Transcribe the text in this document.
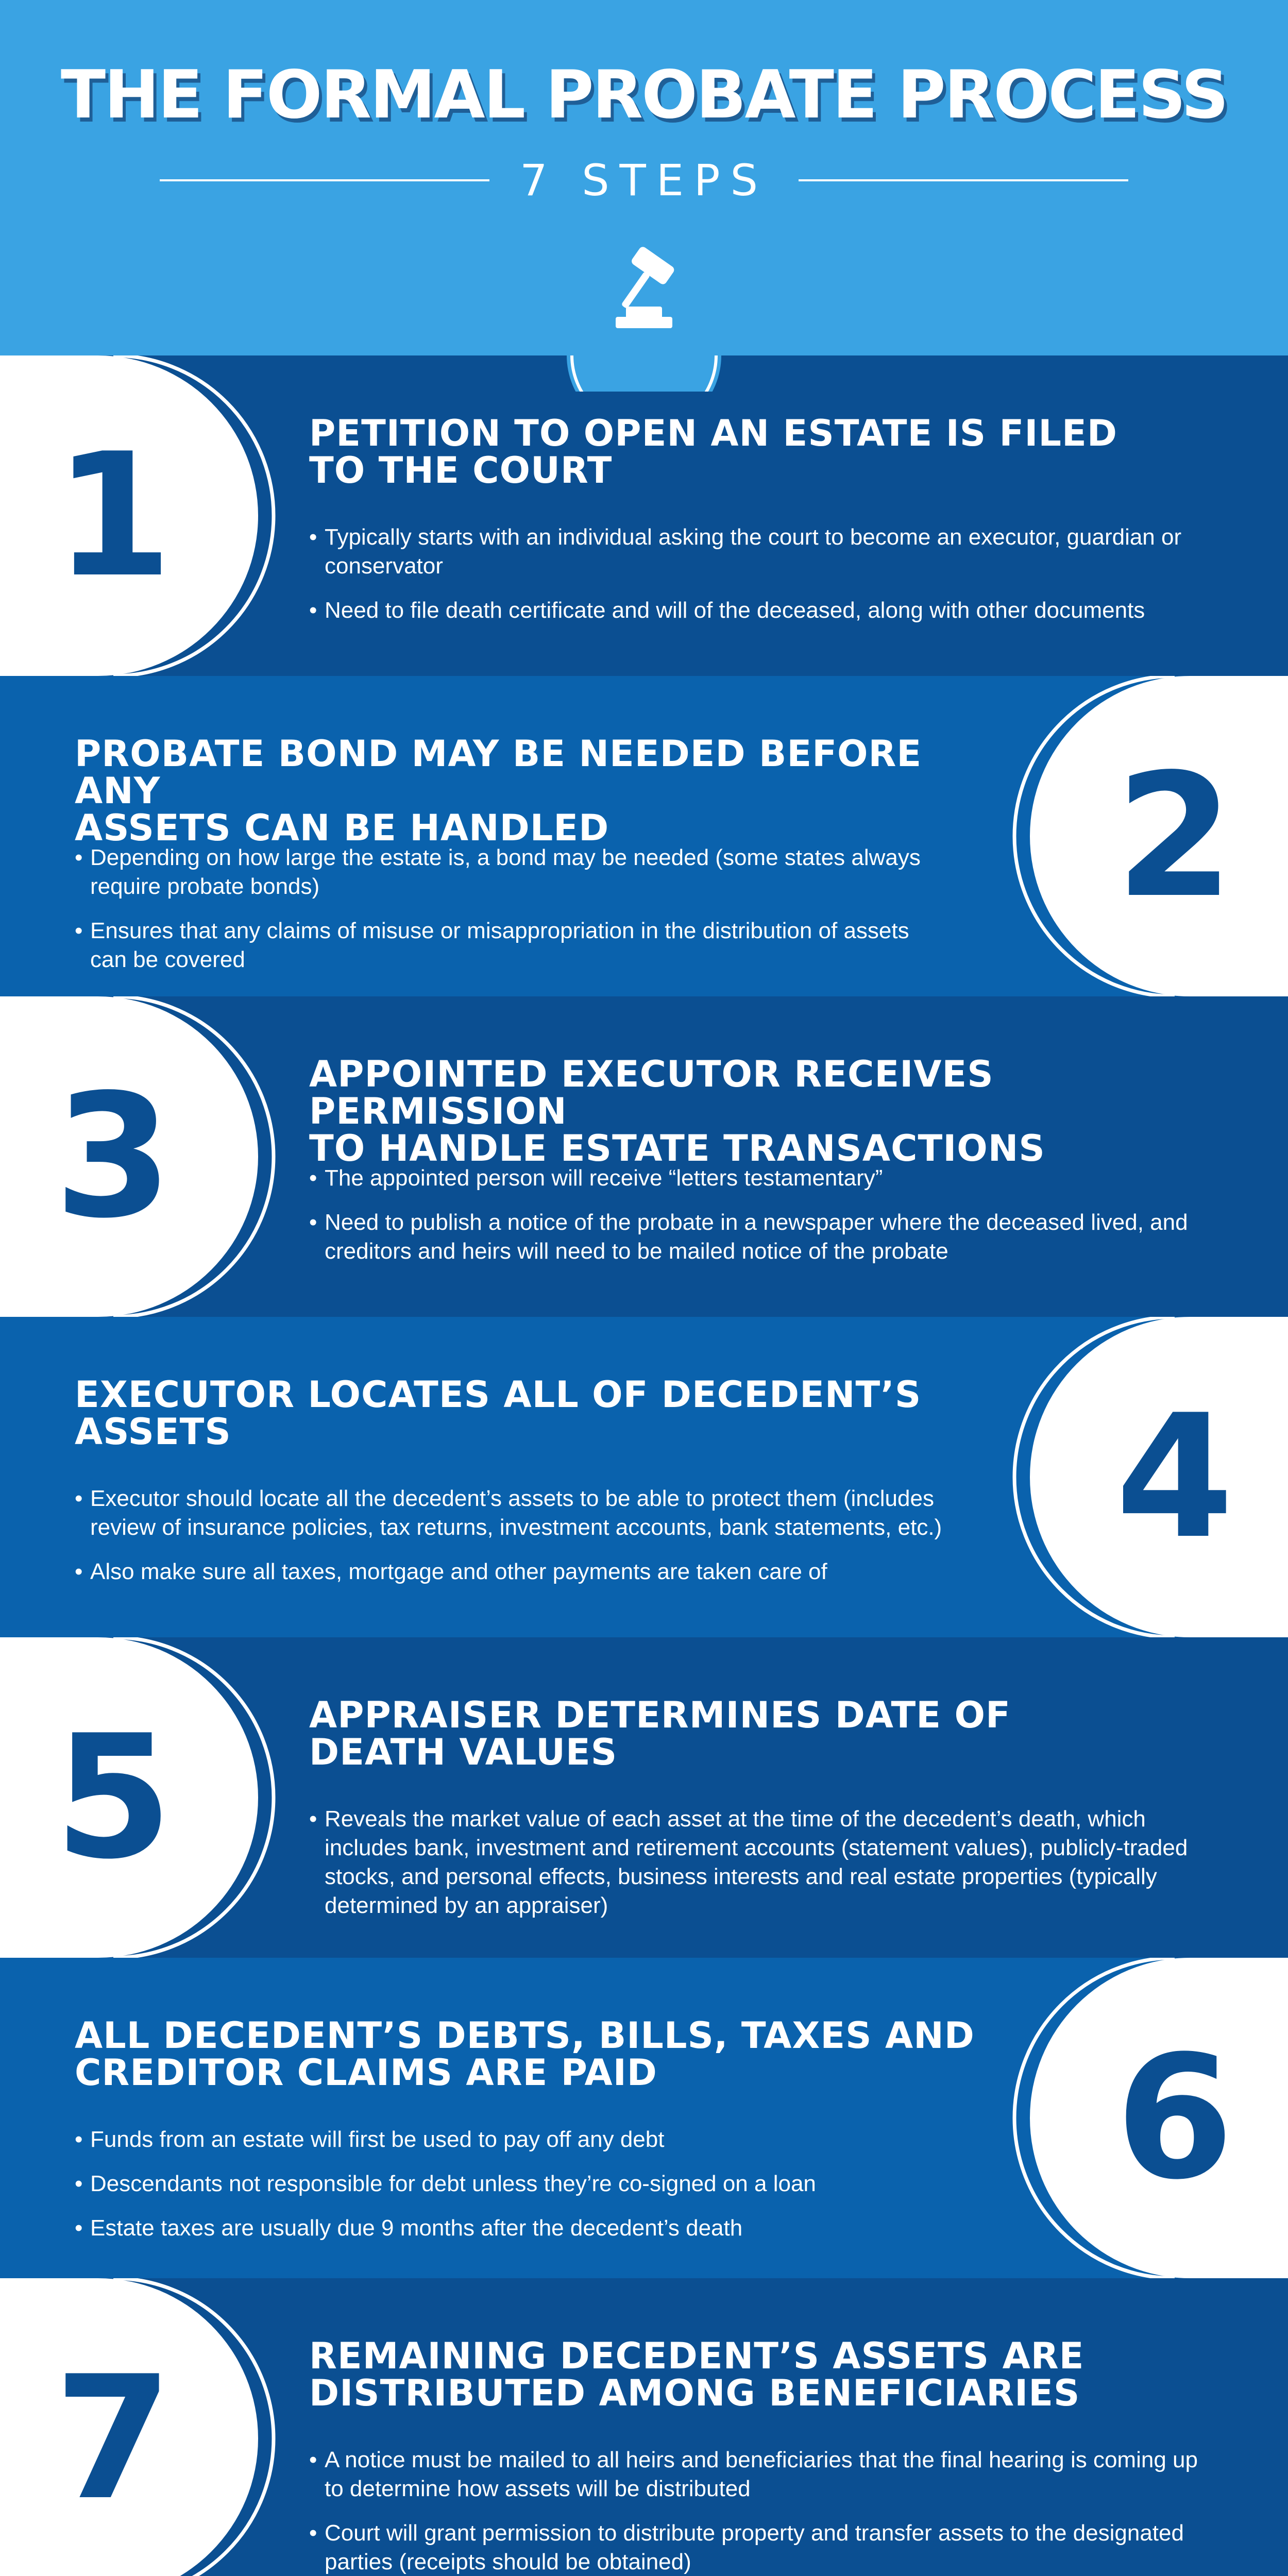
THE FORMAL PROBATE PROCESS
7 STEPS
1	PETITION TO OPEN AN ESTATE IS FILED
TO THE COURT
• Typically starts with an individual asking the court to become an executor, guardian or conservator
• Need to file death certificate and will of the deceased, along with other documents
2
PROBATE BOND MAY BE NEEDED BEFORE ANY
ASSETS CAN BE HANDLED
• Depending on how large the estate is, a bond may be needed (some states always require probate bonds)
• Ensures that any claims of misuse or misappropriation in the distribution of assets can be covered
3	APPOINTED EXECUTOR RECEIVES PERMISSION
TO HANDLE ESTATE TRANSACTIONS
• The appointed person will receive “letters testamentary”
• Need to publish a notice of the probate in a newspaper where the deceased lived, and creditors and heirs will need to be mailed notice of the probate
4
EXECUTOR LOCATES ALL OF DECEDENT’S
ASSETS
• Executor should locate all the decedent’s assets to be able to protect them (includes review of insurance policies, tax returns, investment accounts, bank statements, etc.)
• Also make sure all taxes, mortgage and other payments are taken care of
5	APPRAISER DETERMINES DATE OF
DEATH VALUES
• Reveals the market value of each asset at the time of the decedent’s death, which includes bank, investment and retirement accounts (statement values), publicly-traded stocks, and personal effects, business interests and real estate properties (typically determined by an appraiser)
6
ALL DECEDENT’S DEBTS, BILLS, TAXES AND
CREDITOR CLAIMS ARE PAID
• Funds from an estate will first be used to pay off any debt
• Descendants not responsible for debt unless they’re co-signed on a loan
• Estate taxes are usually due 9 months after the decedent’s death
7	REMAINING DECEDENT’S ASSETS ARE
DISTRIBUTED AMONG BENEFICIARIES
• A notice must be mailed to all heirs and beneficiaries that the final hearing is coming up to determine how assets will be distributed
• Court will grant permission to distribute property and transfer assets to the designated parties (receipts should be obtained)
